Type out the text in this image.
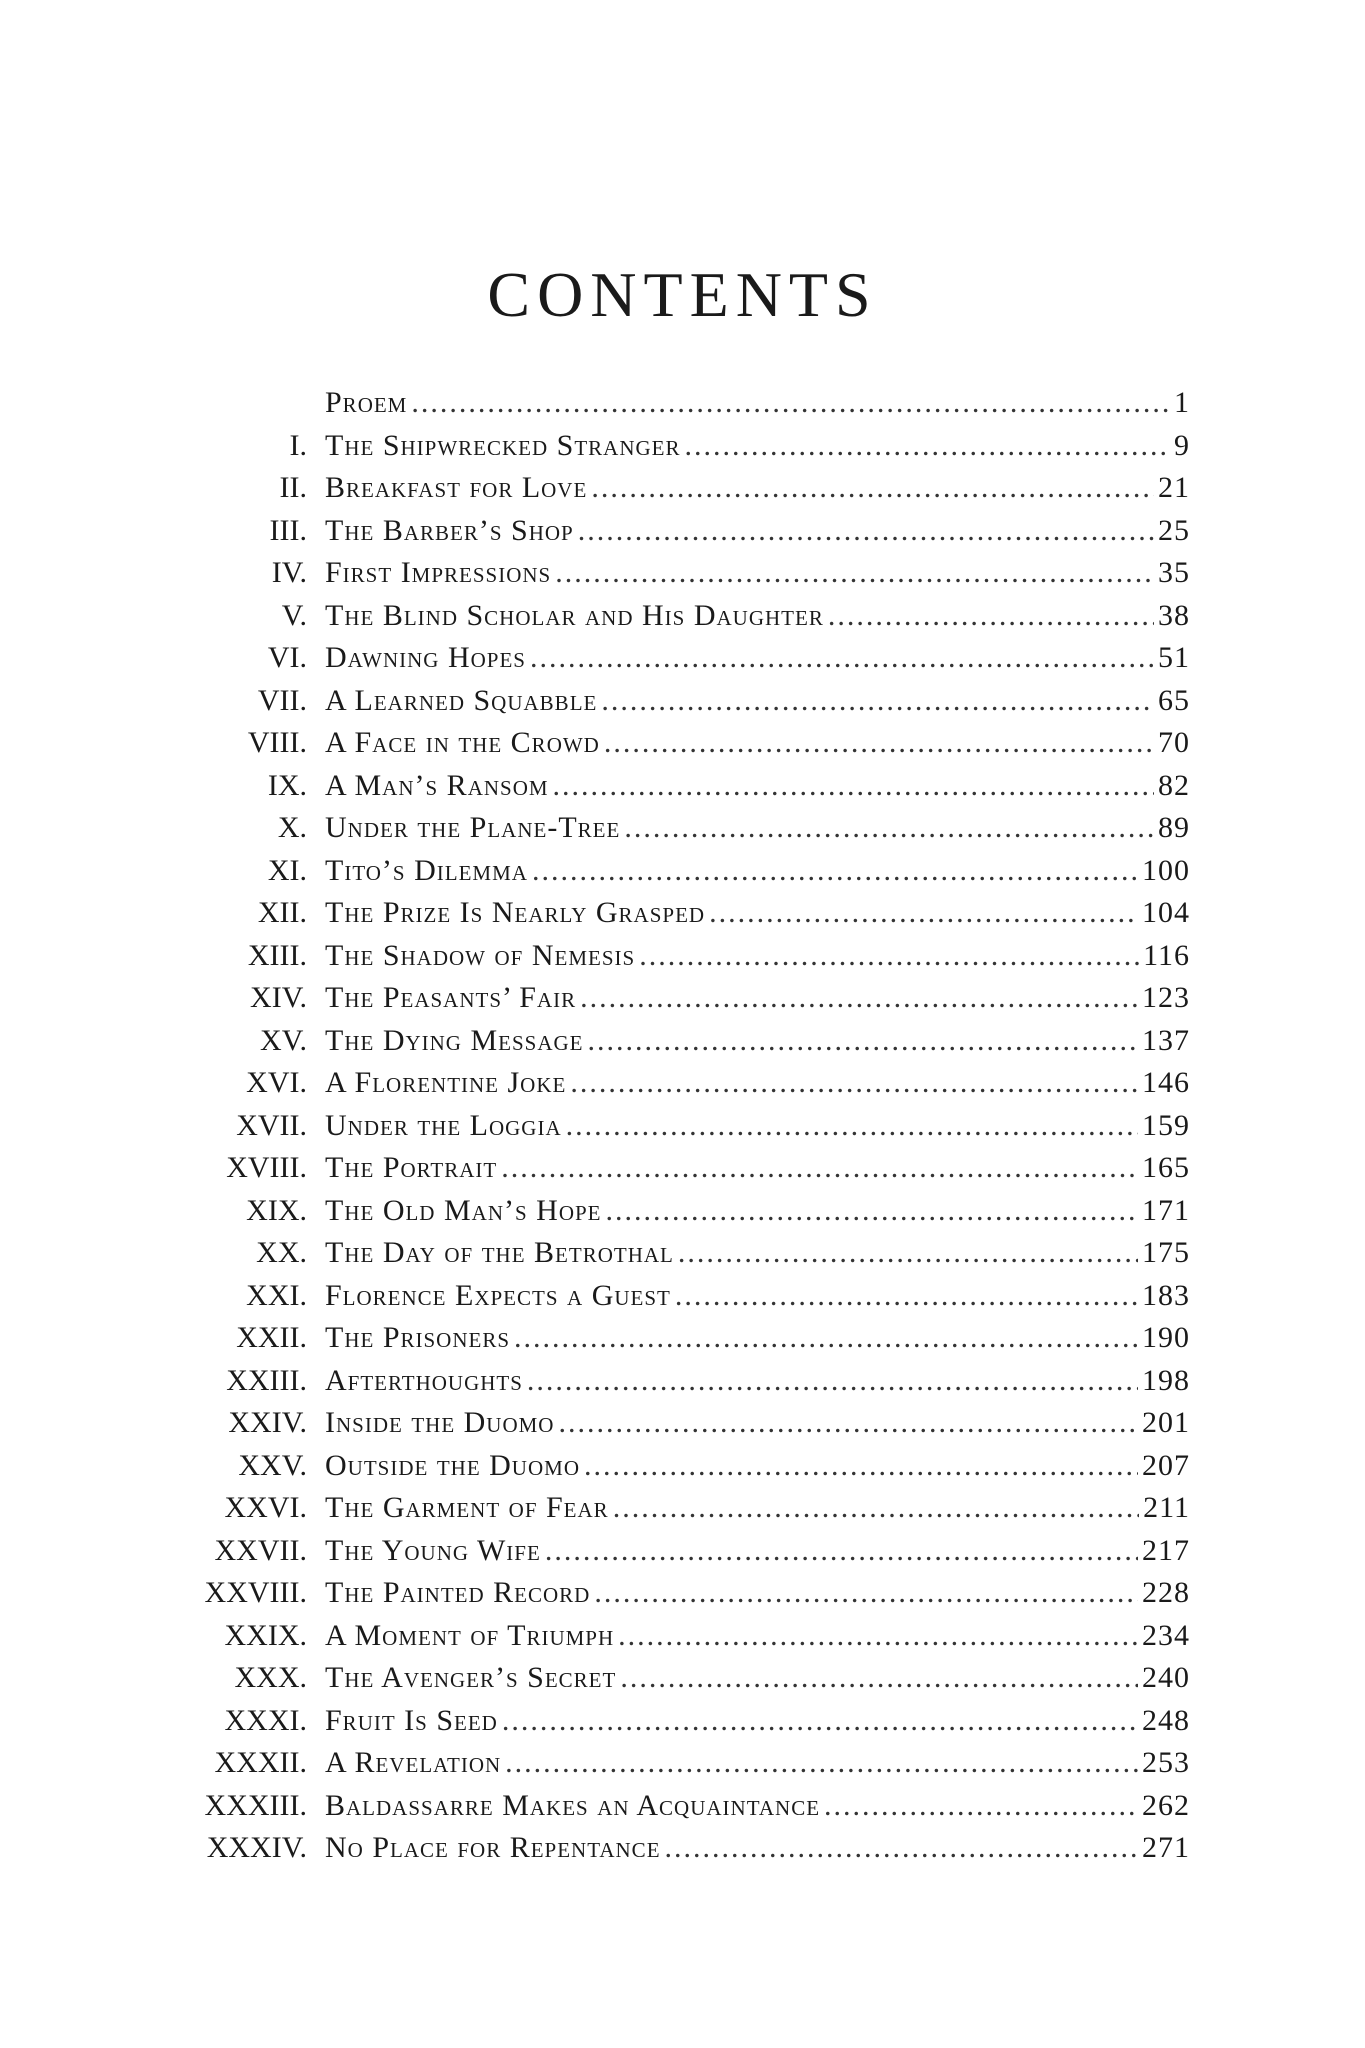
CONTENTS
Proem .....	1
I. The Shipwrecked Stranger .....	9
II. Breakfast for Love .....	21
III. The Barber’s Shop .....	25
IV. First Impressions .....	35
V. The Blind Scholar and His Daughter .....	38
VI. Dawning Hopes .....	51
VII. A Learned Squabble .....	65
VIII. A Face in the Crowd .....	70
IX. A Man’s Ransom .....	82
X. Under the Plane-Tree .....	89
XI. Tito’s Dilemma .....	100
XII. The Prize Is Nearly Grasped .....	104
XIII. The Shadow of Nemesis .....	116
XIV. The Peasants’ Fair .....	123
XV. The Dying Message .....	137
XVI. A Florentine Joke .....	146
XVII. Under the Loggia .....	159
XVIII. The Portrait .....	165
XIX. The Old Man’s Hope .....	171
XX. The Day of the Betrothal .....	175
XXI. Florence Expects a Guest .....	183
XXII. The Prisoners .....	190
XXIII. Afterthoughts .....	198
XXIV. Inside the Duomo .....	201
XXV. Outside the Duomo .....	207
XXVI. The Garment of Fear .....	211
XXVII. The Young Wife .....	217
XXVIII. The Painted Record .....	228
XXIX. A Moment of Triumph .....	234
XXX. The Avenger’s Secret .....	240
XXXI. Fruit Is Seed .....	248
XXXII. A Revelation .....	253
XXXIII. Baldassarre Makes an Acquaintance .....	262
XXXIV. No Place for Repentance .....	271
